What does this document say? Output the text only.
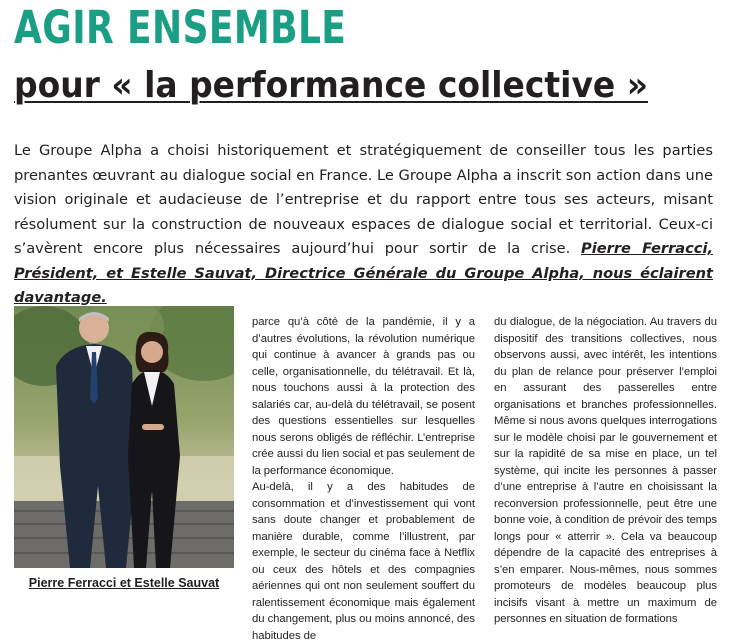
AGIR ENSEMBLE
pour « la performance collective »
Le Groupe Alpha a choisi historiquement et stratégiquement de conseiller tous les parties prenantes œuvrant au dialogue social en France. Le Groupe Alpha a inscrit son action dans une vision originale et audacieuse de l’entreprise et du rapport entre tous ses acteurs, misant résolument sur la construction de nouveaux espaces de dialogue social et territorial. Ceux-ci s’avèrent encore plus nécessaires aujourd’hui pour sortir de la crise. Pierre Ferracci, Président, et Estelle Sauvat, Directrice Générale du Groupe Alpha, nous éclairent davantage.
Pierre Ferracci et Estelle Sauvat

parce qu’à côté de la pandémie, il y a d’autres évolutions, la révolution numérique qui continue à avancer à grands pas ou celle, organisationnelle, du télétravail. Et là, nous touchons aussi à la protection des salariés car, au-delà du télétravail, se posent des questions essentielles sur lesquelles nous serons obligés de réfléchir. L’entreprise crée aussi du lien social et pas seulement de la performance économique.

Au-delà, il y a des habitudes de consommation et d’investissement qui vont sans doute changer et probablement de manière durable, comme l’illustrent, par exemple, le secteur du cinéma face à Netflix ou ceux des hôtels et des compagnies aériennes qui ont non seulement souffert du ralentissement économique mais également du changement, plus ou moins annoncé, des habitudes de

du dialogue, de la négociation. Au travers du dispositif des transitions collectives, nous observons aussi, avec intérêt, les intentions du plan de relance pour préserver l’emploi en assurant des passerelles entre organisations et branches professionnelles. Même si nous avons quelques interrogations sur le modèle choisi par le gouvernement et sur la rapidité de sa mise en place, un tel système, qui incite les personnes à passer d’une entreprise à l’autre en choisissant la reconversion professionnelle, peut être une bonne voie, à condition de prévoir des temps longs pour « atterrir ». Cela va beaucoup dépendre de la capacité des entreprises à s’en emparer. Nous-mêmes, nous sommes promoteurs de modèles beaucoup plus incisifs visant à mettre un maximum de personnes en situation de formations
